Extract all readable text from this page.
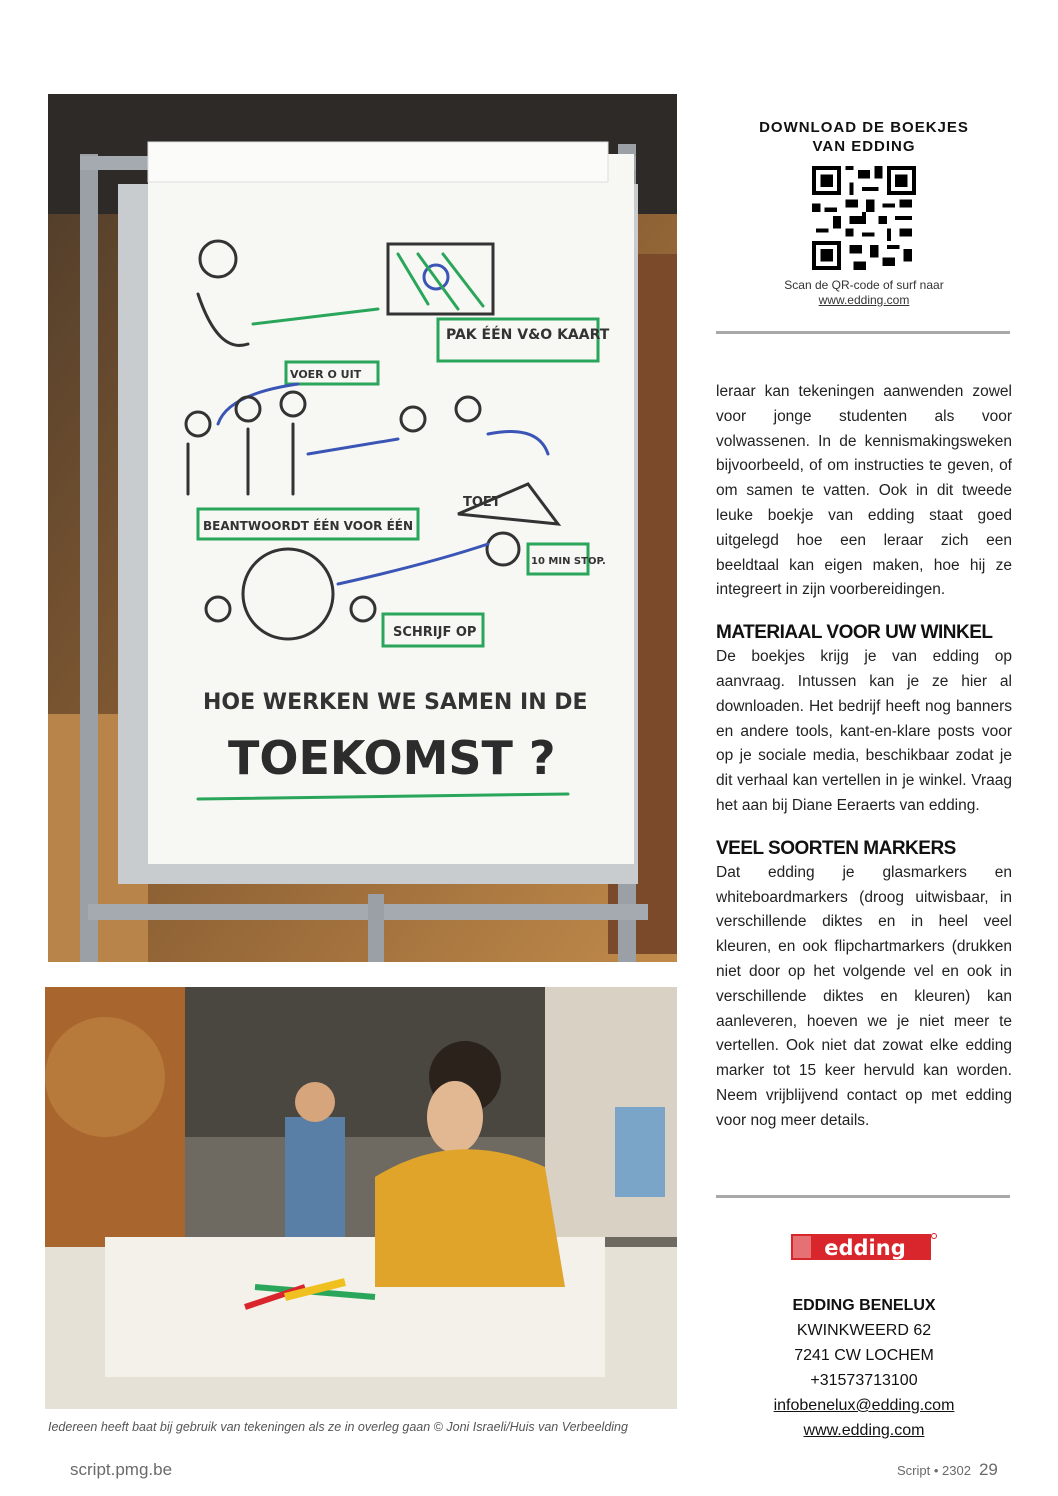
VOER O UIT
PAK ÉÉN V&O KAART
BEANTWOORDT ÉÉN VOOR ÉÉN
TOET
10 MIN STOP.
SCHRIJF OP
HOE WERKEN WE SAMEN IN DE
TOEKOMST ?
Iedereen heeft baat bij gebruik van tekeningen als ze in overleg gaan © Joni Israeli/Huis van Verbeelding
DOWNLOAD DE BOEKJES
VAN EDDING
Scan de QR-code of surf naar
www.edding.com

leraar kan tekeningen aanwenden zowel voor jonge studenten als voor volwassenen. In de kennismakingsweken bijvoorbeeld, of om instructies te geven, of om samen te vatten. Ook in dit tweede leuke boekje van edding staat goed uitgelegd hoe een leraar zich een beeldtaal kan eigen maken, hoe hij ze integreert in zijn voorbereidingen.

MATERIAAL VOOR UW WINKEL

De boekjes krijg je van edding op aanvraag. Intussen kan je ze hier al downloaden. Het bedrijf heeft nog banners en andere tools, kant-en-klare posts voor op je sociale media, beschikbaar zodat je dit verhaal kan vertellen in je winkel. Vraag het aan bij Diane Eeraerts van edding.

VEEL SOORTEN MARKERS

Dat edding je glasmarkers en whiteboardmarkers (droog uitwisbaar, in verschillende diktes en in heel veel kleuren, en ook flipchartmarkers (drukken niet door op het volgende vel en ook in verschillende diktes en kleuren) kan aanleveren, hoeven we je niet meer te vertellen. Ook niet dat zowat elke edding marker tot 15 keer hervuld kan worden. Neem vrijblijvend contact op met edding voor nog meer details.

edding
EDDING BENELUX
KWINKWEERD 62
7241 CW LOCHEM
+31573713100
infobenelux@edding.com
www.edding.com
script.pmg.be	Script • 2302 29
